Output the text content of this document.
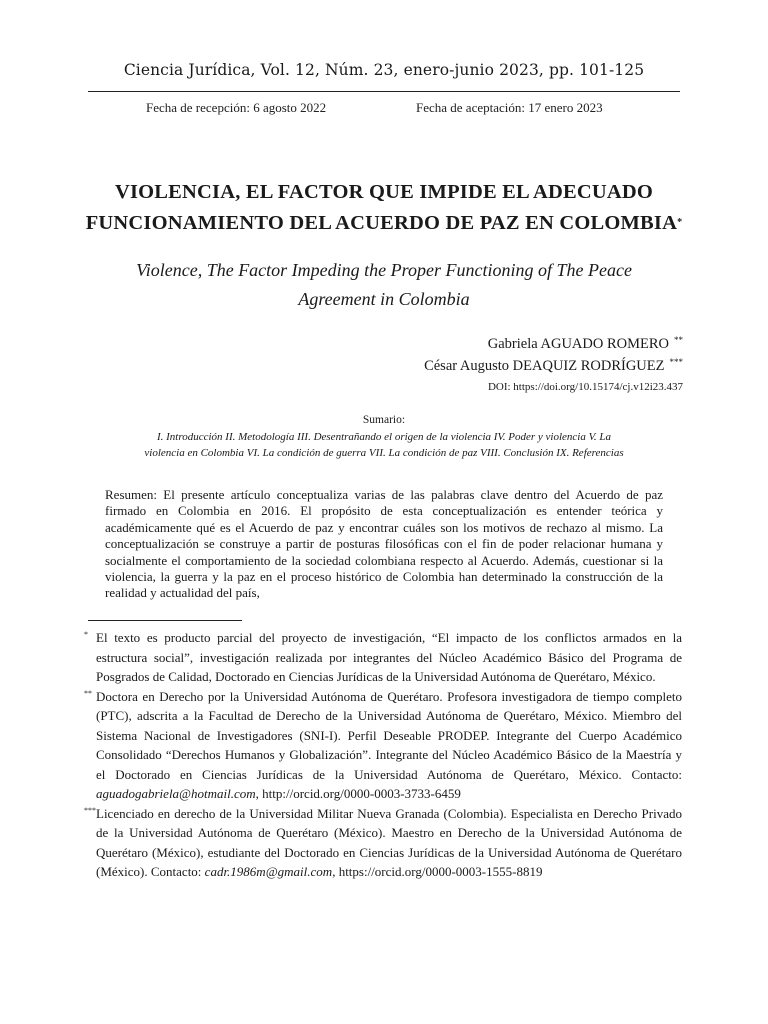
Ciencia Jurídica, Vol. 12, Núm. 23, enero-junio 2023, pp. 101-125
Fecha de recepción: 6 agosto 2022	Fecha de aceptación: 17 enero 2023
VIOLENCIA, EL FACTOR QUE IMPIDE EL ADECUADO
FUNCIONAMIENTO DEL ACUERDO DE PAZ EN COLOMBIA*
Violence, The Factor Impeding the Proper Functioning of The Peace
Agreement in Colombia
Gabriela AGUADO ROMERO **
César Augusto DEAQUIZ RODRÍGUEZ ***
DOI: https://doi.org/10.15174/cj.v12i23.437
Sumario:
I. Introducción II. Metodología III. Desentrañando el origen de la violencia IV. Poder y violencia V. La violencia en Colombia VI. La condición de guerra VII. La condición de paz VIII. Conclusión IX. Referencias
Resumen: El presente artículo conceptualiza varias de las palabras clave dentro del Acuerdo de paz firmado en Colombia en 2016. El propósito de esta conceptualización es entender teórica y académicamente qué es el Acuerdo de paz y encontrar cuáles son los motivos de rechazo al mismo. La conceptualización se construye a partir de posturas filosóficas con el fin de poder relacionar humana y socialmente el comportamiento de la sociedad colombiana respecto al Acuerdo. Además, cuestionar si la violencia, la guerra y la paz en el proceso histórico de Colombia han determinado la construcción de la realidad y actualidad del país,
* El texto es producto parcial del proyecto de investigación, “El impacto de los conflictos armados en la estructura social”, investigación realizada por integrantes del Núcleo Académico Básico del Programa de Posgrados de Calidad, Doctorado en Ciencias Jurídicas de la Universidad Autónoma de Querétaro, México.
** Doctora en Derecho por la Universidad Autónoma de Querétaro. Profesora investigadora de tiempo completo (PTC), adscrita a la Facultad de Derecho de la Universidad Autónoma de Querétaro, México. Miembro del Sistema Nacional de Investigadores (SNI-I). Perfil Deseable PRODEP. Integrante del Cuerpo Académico Consolidado “Derechos Humanos y Globalización”. Integrante del Núcleo Académico Básico de la Maestría y el Doctorado en Ciencias Jurídicas de la Universidad Autónoma de Querétaro, México. Contacto: aguadogabriela@hotmail.com, http://orcid.org/0000-0003-3733-6459
*** Licenciado en derecho de la Universidad Militar Nueva Granada (Colombia). Especialista en Derecho Privado de la Universidad Autónoma de Querétaro (México). Maestro en Derecho de la Universidad Autónoma de Querétaro (México), estudiante del Doctorado en Ciencias Jurídicas de la Universidad Autónoma de Querétaro (México). Contacto: cadr.1986m@gmail.com, https://orcid.org/0000-0003-1555-8819
